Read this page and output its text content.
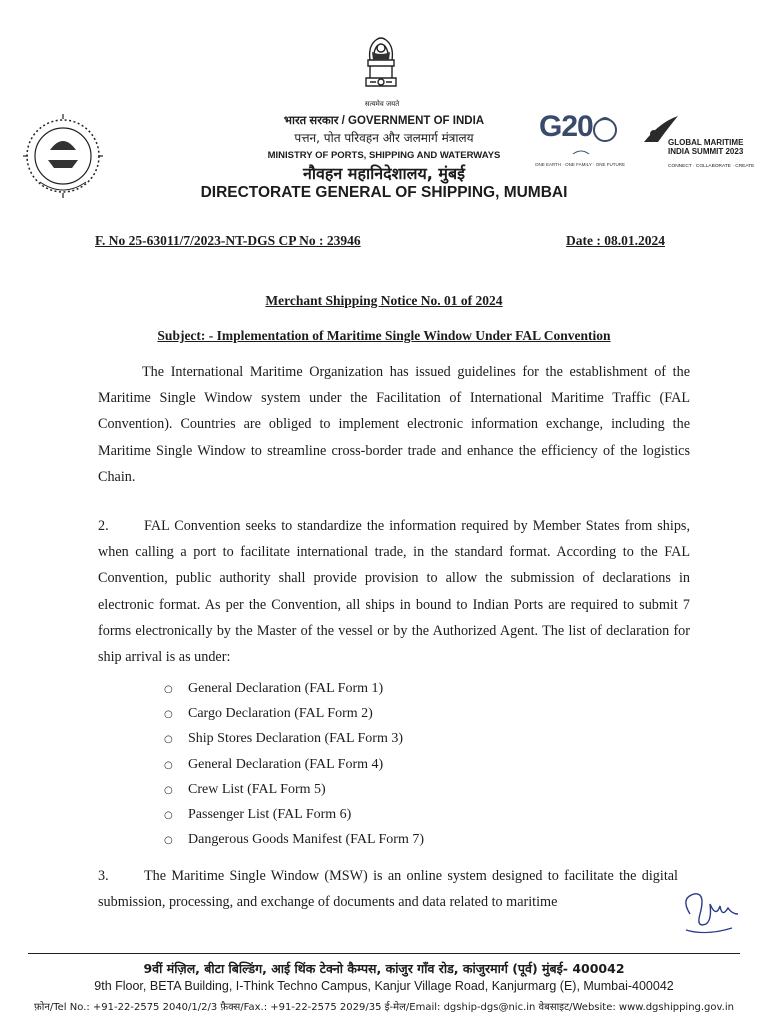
सत्यमेव जयते
G20
ONE EARTH · ONE FAMILY · ONE FUTURE
GLOBAL MARITIME
INDIA SUMMIT 2023
CONNECT · COLLABORATE · CREATE
भारत सरकार / GOVERNMENT OF INDIA
पत्तन, पोत परिवहन और जलमार्ग मंत्रालय
MINISTRY OF PORTS, SHIPPING AND WATERWAYS
नौवहन महानिदेशालय, मुंबई
DIRECTORATE GENERAL OF SHIPPING, MUMBAI
F. No 25-63011/7/2023-NT-DGS CP No : 23946	Date : 08.01.2024
Merchant Shipping Notice No. 01 of 2024
Subject: - Implementation of Maritime Single Window Under FAL Convention
The International Maritime Organization has issued guidelines for the establishment of the Maritime Single Window system under the Facilitation of International Maritime Traffic (FAL Convention). Countries are obliged to implement electronic information exchange, including the Maritime Single Window to streamline cross-border trade and enhance the efficiency of the logistics Chain.
2. FAL Convention seeks to standardize the information required by Member States from ships, when calling a port to facilitate international trade, in the standard format. According to the FAL Convention, public authority shall provide provision to allow the submission of declarations in electronic format. As per the Convention, all ships in bound to Indian Ports are required to submit 7 forms electronically by the Master of the vessel or by the Authorized Agent. The list of declaration for ship arrival is as under:
○ General Declaration (FAL Form 1)
○ Cargo Declaration (FAL Form 2)
○ Ship Stores Declaration (FAL Form 3)
○ General Declaration (FAL Form 4)
○ Crew List (FAL Form 5)
○ Passenger List (FAL Form 6)
○ Dangerous Goods Manifest (FAL Form 7)
3. The Maritime Single Window (MSW) is an online system designed to facilitate the digital submission, processing, and exchange of documents and data related to maritime
9वीं मंज़िल, बीटा बिल्डिंग, आई थिंक टेक्नो कैम्पस, कांजुर गाँव रोड, कांजुरमार्ग (पूर्व) मुंबई- 400042
9th Floor, BETA Building, I-Think Techno Campus, Kanjur Village Road, Kanjurmarg (E), Mumbai-400042
फ़ोन/Tel No.: +91-22-2575 2040/1/2/3 फ़ैक्स/Fax.: +91-22-2575 2029/35 ई-मेल/Email: dgship-dgs@nic.in वेबसाइट/Website: www.dgshipping.gov.in
